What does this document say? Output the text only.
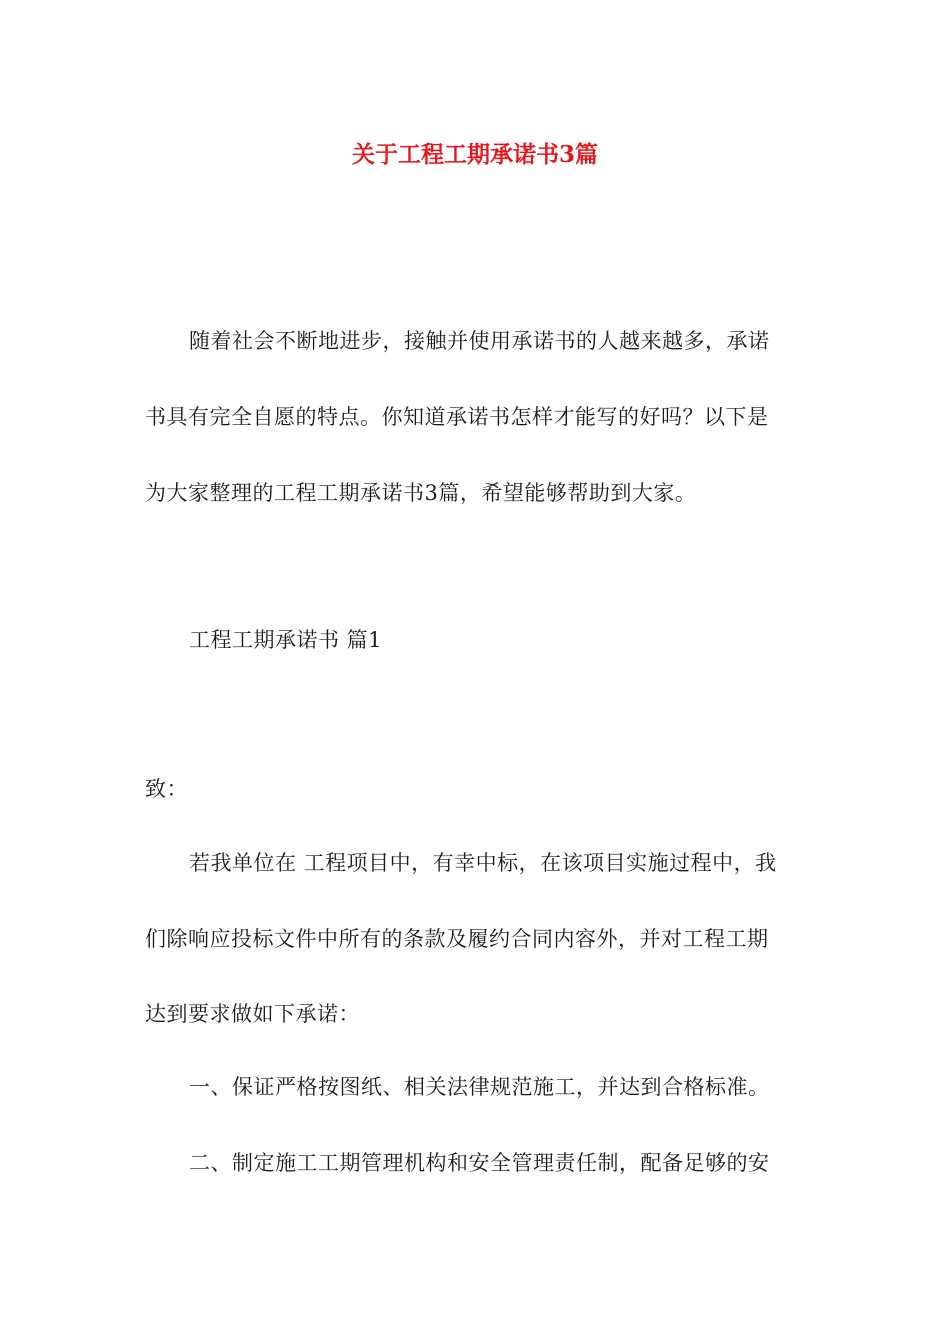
关于工程工期承诺书3篇
随着社会不断地进步，接触并使用承诺书的人越来越多，承诺
书具有完全自愿的特点。你知道承诺书怎样才能写的好吗？以下是
为大家整理的工程工期承诺书3篇，希望能够帮助到大家。
工程工期承诺书 篇1
致：
若我单位在 工程项目中，有幸中标，在该项目实施过程中，我
们除响应投标文件中所有的条款及履约合同内容外，并对工程工期
达到要求做如下承诺：
一、保证严格按图纸、相关法律规范施工，并达到合格标准。
二、制定施工工期管理机构和安全管理责任制，配备足够的安
